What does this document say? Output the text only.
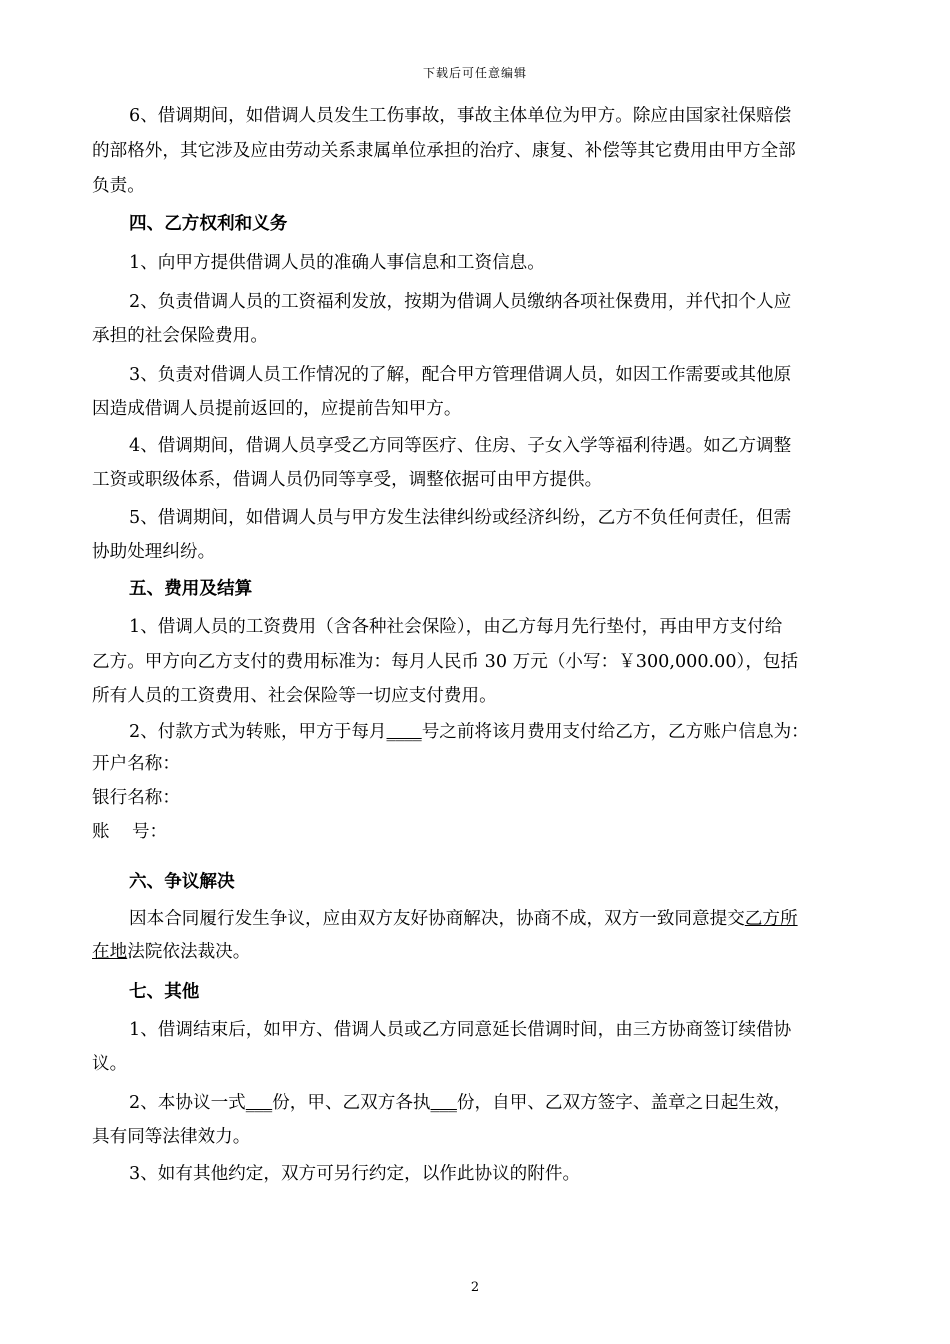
下载后可任意编辑
6、借调期间，如借调人员发生工伤事故，事故主体单位为甲方。除应由国家社保赔偿
的部格外，其它涉及应由劳动关系隶属单位承担的治疗、康复、补偿等其它费用由甲方全部
负责。
四、乙方权利和义务
1、向甲方提供借调人员的准确人事信息和工资信息。
2、负责借调人员的工资福利发放，按期为借调人员缴纳各项社保费用，并代扣个人应
承担的社会保险费用。
3、负责对借调人员工作情况的了解，配合甲方管理借调人员，如因工作需要或其他原
因造成借调人员提前返回的，应提前告知甲方。
4、借调期间，借调人员享受乙方同等医疗、住房、子女入学等福利待遇。如乙方调整
工资或职级体系，借调人员仍同等享受，调整依据可由甲方提供。
5、借调期间，如借调人员与甲方发生法律纠纷或经济纠纷，乙方不负任何责任，但需
协助处理纠纷。
五、费用及结算
1、借调人员的工资费用（含各种社会保险），由乙方每月先行垫付，再由甲方支付给
乙方。甲方向乙方支付的费用标准为：每月人民币 30 万元（小写：￥300,000.00），包括
所有人员的工资费用、社会保险等一切应支付费用。
2、付款方式为转账，甲方于每月____号之前将该月费用支付给乙方，乙方账户信息为：
开户名称：
银行名称：
账    号：
六、争议解决
因本合同履行发生争议，应由双方友好协商解决，协商不成，双方一致同意提交乙方所
在地法院依法裁决。
七、其他
1、借调结束后，如甲方、借调人员或乙方同意延长借调时间，由三方协商签订续借协
议。
2、本协议一式___份，甲、乙双方各执___份，自甲、乙双方签字、盖章之日起生效，
具有同等法律效力。
3、如有其他约定，双方可另行约定，以作此协议的附件。
2
